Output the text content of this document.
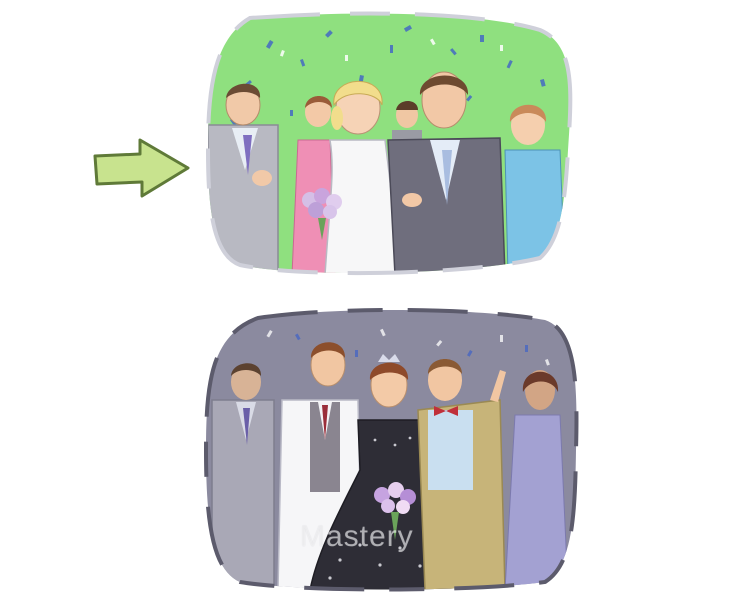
Mastery
